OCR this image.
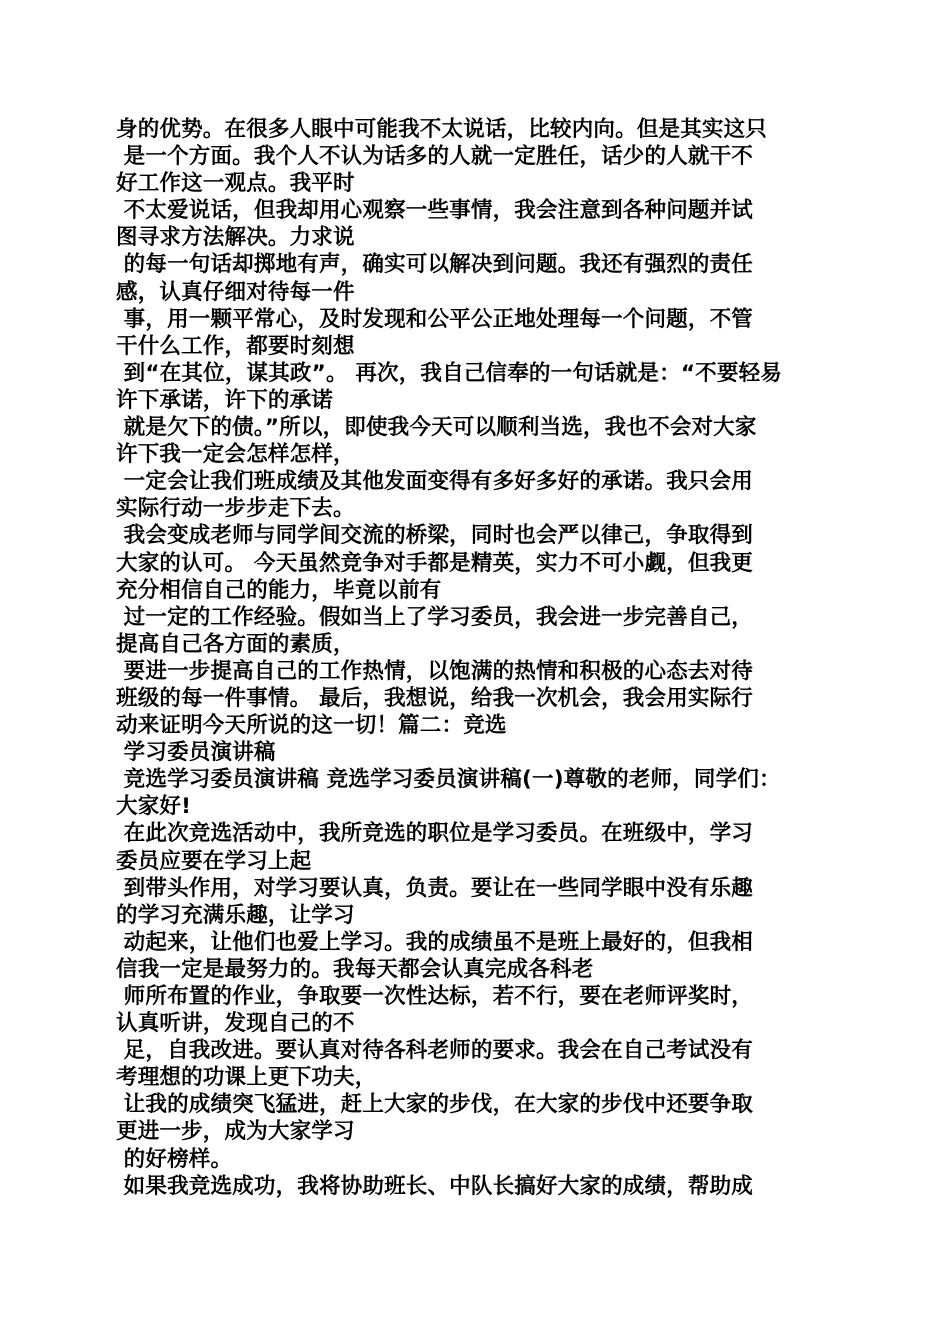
身的优势。在很多人眼中可能我不太说话，比较内向。但是其实这只
是一个方面。我个人不认为话多的人就一定胜任，话少的人就干不
好工作这一观点。我平时
不太爱说话，但我却用心观察一些事情，我会注意到各种问题并试
图寻求方法解决。力求说
的每一句话却掷地有声，确实可以解决到问题。我还有强烈的责任
感，认真仔细对待每一件
事，用一颗平常心，及时发现和公平公正地处理每一个问题，不管
干什么工作，都要时刻想
到“在其位，谋其政”。 再次，我自己信奉的一句话就是：“不要轻易
许下承诺，许下的承诺
就是欠下的债。”所以，即使我今天可以顺利当选，我也不会对大家
许下我一定会怎样怎样，
一定会让我们班成绩及其他发面变得有多好多好的承诺。我只会用
实际行动一步步走下去。
我会变成老师与同学间交流的桥梁，同时也会严以律己，争取得到
大家的认可。 今天虽然竞争对手都是精英，实力不可小觑，但我更
充分相信自己的能力，毕竟以前有
过一定的工作经验。假如当上了学习委员，我会进一步完善自己，
提高自己各方面的素质，
要进一步提高自己的工作热情，以饱满的热情和积极的心态去对待
班级的每一件事情。 最后，我想说，给我一次机会，我会用实际行
动来证明今天所说的这一切！篇二：竞选
学习委员演讲稿
竞选学习委员演讲稿 竞选学习委员演讲稿(一)尊敬的老师，同学们：
大家好!
在此次竞选活动中，我所竞选的职位是学习委员。在班级中，学习
委员应要在学习上起
到带头作用，对学习要认真，负责。要让在一些同学眼中没有乐趣
的学习充满乐趣，让学习
动起来，让他们也爱上学习。我的成绩虽不是班上最好的，但我相
信我一定是最努力的。我每天都会认真完成各科老
师所布置的作业，争取要一次性达标，若不行，要在老师评奖时，
认真听讲，发现自己的不
足，自我改进。要认真对待各科老师的要求。我会在自己考试没有
考理想的功课上更下功夫，
让我的成绩突飞猛进，赶上大家的步伐，在大家的步伐中还要争取
更进一步，成为大家学习
的好榜样。
如果我竞选成功，我将协助班长、中队长搞好大家的成绩，帮助成
